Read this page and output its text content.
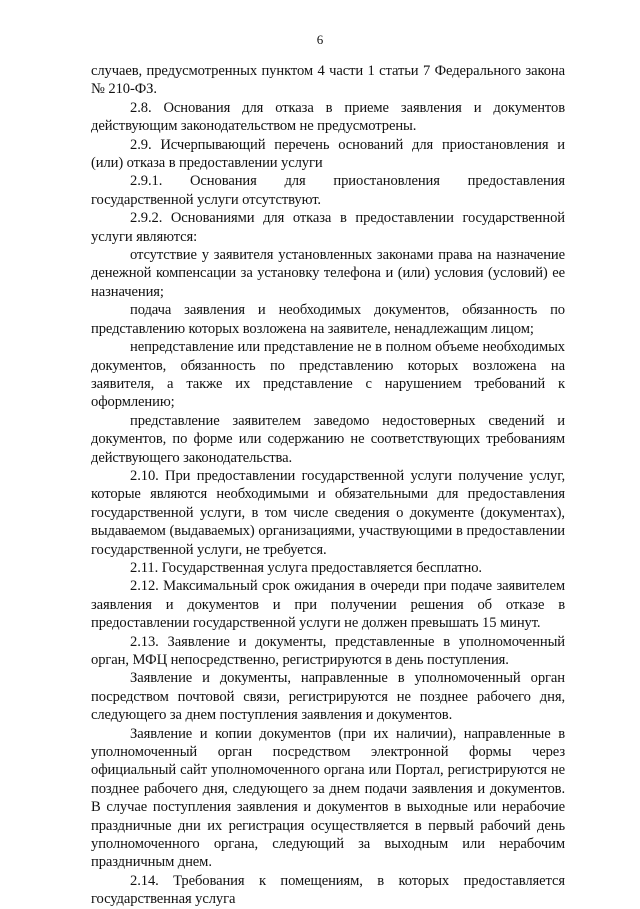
6

случаев, предусмотренных пунктом 4 части 1 статьи 7 Федерального закона № 210-ФЗ.

2.8. Основания для отказа в приеме заявления и документов действующим законодательством не предусмотрены.

2.9. Исчерпывающий перечень оснований для приостановления и (или) отказа в предоставлении услуги

2.9.1. Основания для приостановления предоставления государственной услуги отсутствуют.

2.9.2. Основаниями для отказа в предоставлении государственной услуги являются:

отсутствие у заявителя установленных законами права на назначение денежной компенсации за установку телефона и (или) условия (условий) ее назначения;

подача заявления и необходимых документов, обязанность по представлению которых возложена на заявителе, ненадлежащим лицом;

непредставление или представление не в полном объеме необходимых документов, обязанность по представлению которых возложена на заявителя, а также их представление с нарушением требований к оформлению;

представление заявителем заведомо недостоверных сведений и документов, по форме или содержанию не соответствующих требованиям действующего законодательства.

2.10. При предоставлении государственной услуги получение услуг, которые являются необходимыми и обязательными для предоставления государственной услуги, в том числе сведения о документе (документах), выдаваемом (выдаваемых) организациями, участвующими в предоставлении государственной услуги, не требуется.

2.11. Государственная услуга предоставляется бесплатно.

2.12. Максимальный срок ожидания в очереди при подаче заявителем заявления и документов и при получении решения об отказе в предоставлении государственной услуги не должен превышать 15 минут.

2.13. Заявление и документы, представленные в уполномоченный орган, МФЦ непосредственно, регистрируются в день поступления.

Заявление и документы, направленные в уполномоченный орган посредством почтовой связи, регистрируются не позднее рабочего дня, следующего за днем поступления заявления и документов.

Заявление и копии документов (при их наличии), направленные в уполномоченный орган посредством электронной формы через официальный сайт уполномоченного органа или Портал, регистрируются не позднее рабочего дня, следующего за днем подачи заявления и документов. В случае поступления заявления и документов в выходные или нерабочие праздничные дни их регистрация осуществляется в первый рабочий день уполномоченного органа, следующий за выходным или нерабочим праздничным днем.

2.14. Требования к помещениям, в которых предоставляется государственная услуга
